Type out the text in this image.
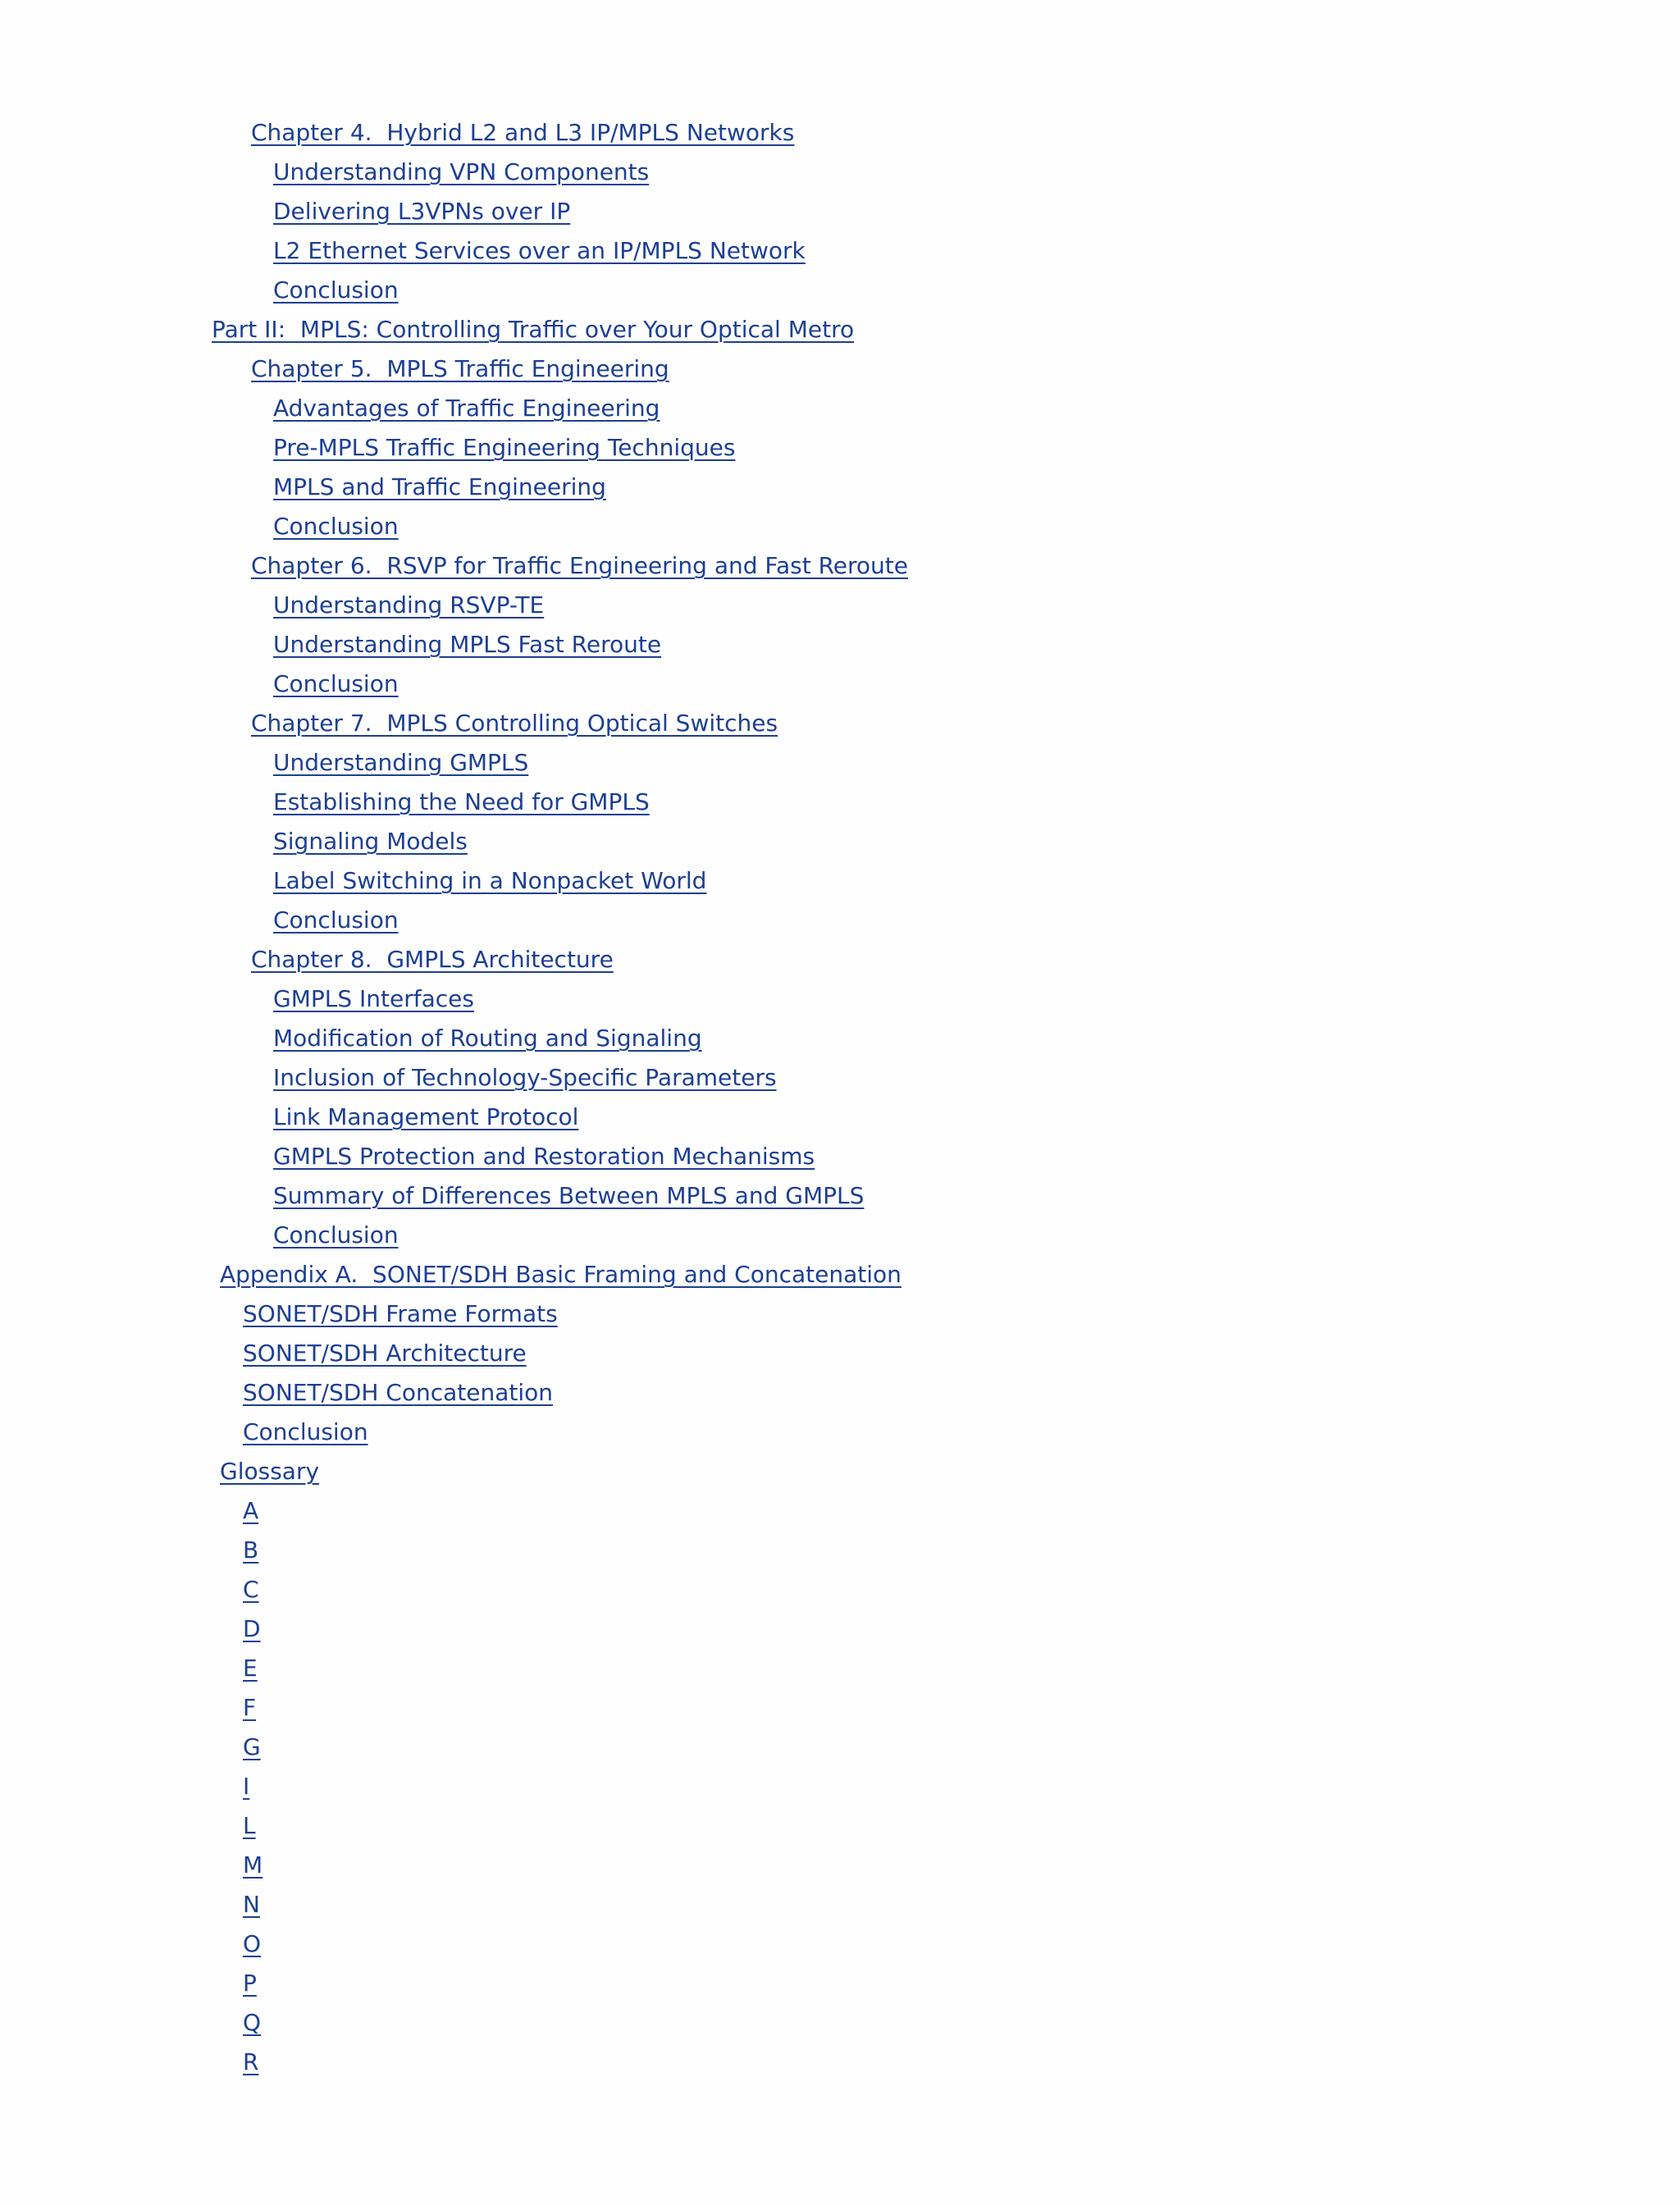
Chapter 4.  Hybrid L2 and L3 IP/MPLS Networks
Understanding VPN Components
Delivering L3VPNs over IP
L2 Ethernet Services over an IP/MPLS Network
Conclusion
Part II:  MPLS: Controlling Traffic over Your Optical Metro
Chapter 5.  MPLS Traffic Engineering
Advantages of Traffic Engineering
Pre-MPLS Traffic Engineering Techniques
MPLS and Traffic Engineering
Conclusion
Chapter 6.  RSVP for Traffic Engineering and Fast Reroute
Understanding RSVP-TE
Understanding MPLS Fast Reroute
Conclusion
Chapter 7.  MPLS Controlling Optical Switches
Understanding GMPLS
Establishing the Need for GMPLS
Signaling Models
Label Switching in a Nonpacket World
Conclusion
Chapter 8.  GMPLS Architecture
GMPLS Interfaces
Modification of Routing and Signaling
Inclusion of Technology-Specific Parameters
Link Management Protocol
GMPLS Protection and Restoration Mechanisms
Summary of Differences Between MPLS and GMPLS
Conclusion
Appendix A.  SONET/SDH Basic Framing and Concatenation
SONET/SDH Frame Formats
SONET/SDH Architecture
SONET/SDH Concatenation
Conclusion
Glossary
A
B
C
D
E
F
G
I
L
M
N
O
P
Q
R
